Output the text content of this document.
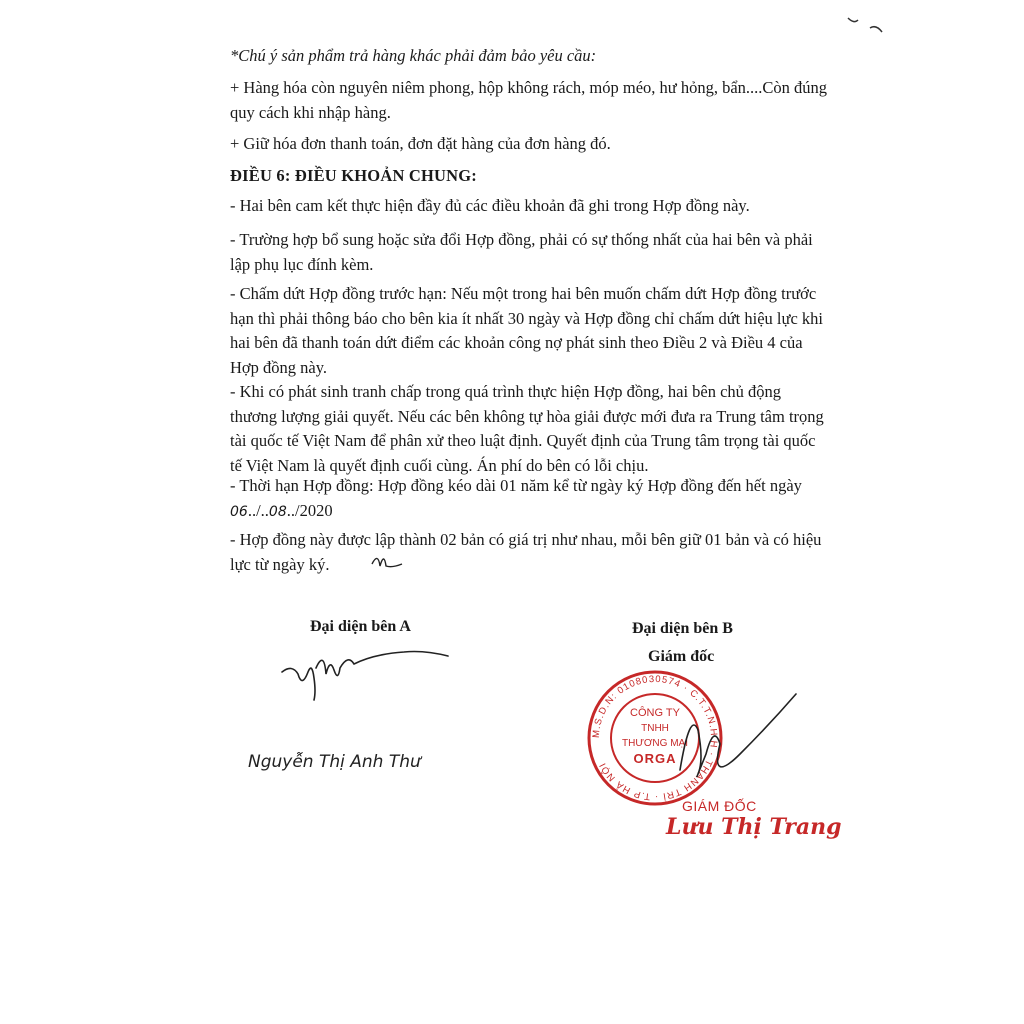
*Chú ý sản phẩm trả hàng khác phải đảm bảo yêu cầu:

+ Hàng hóa còn nguyên niêm phong, hộp không rách, móp méo, hư hỏng, bẩn....Còn đúng quy cách khi nhập hàng.

+ Giữ hóa đơn thanh toán, đơn đặt hàng của đơn hàng đó.

ĐIỀU 6: ĐIỀU KHOẢN CHUNG:

- Hai bên cam kết thực hiện đầy đủ các điều khoản đã ghi trong Hợp đồng này.

- Trường hợp bổ sung hoặc sửa đổi Hợp đồng, phải có sự thống nhất của hai bên và phải lập phụ lục đính kèm.

- Chấm dứt Hợp đồng trước hạn: Nếu một trong hai bên muốn chấm dứt Hợp đồng trước hạn thì phải thông báo cho bên kia ít nhất 30 ngày và Hợp đồng chỉ chấm dứt hiệu lực khi hai bên đã thanh toán dứt điểm các khoản công nợ phát sinh theo Điều 2 và Điều 4 của Hợp đồng này.

- Khi có phát sinh tranh chấp trong quá trình thực hiện Hợp đồng, hai bên chủ động thương lượng giải quyết. Nếu các bên không tự hòa giải được mới đưa ra Trung tâm trọng tài quốc tế Việt Nam để phân xử theo luật định. Quyết định của Trung tâm trọng tài quốc tế Việt Nam là quyết định cuối cùng. Án phí do bên có lỗi chịu.

- Thời hạn Hợp đồng: Hợp đồng kéo dài 01 năm kể từ ngày ký Hợp đồng đến hết ngày
06../..08../2020

- Hợp đồng này được lập thành 02 bản có giá trị như nhau, mỗi bên giữ 01 bản và có hiệu lực từ ngày ký.

Đại diện bên A
Nguyễn Thị Anh Thư
Đại diện bên B
Giám đốc
M.S.D.N: 0108030574 · C.T.T.N.H.H · THANH TRÌ · T.P HÀ NỘI
CÔNG TY
TNHH
THƯƠNG MẠI
ORGA
GIÁM ĐỐC
Lưu Thị Trang
